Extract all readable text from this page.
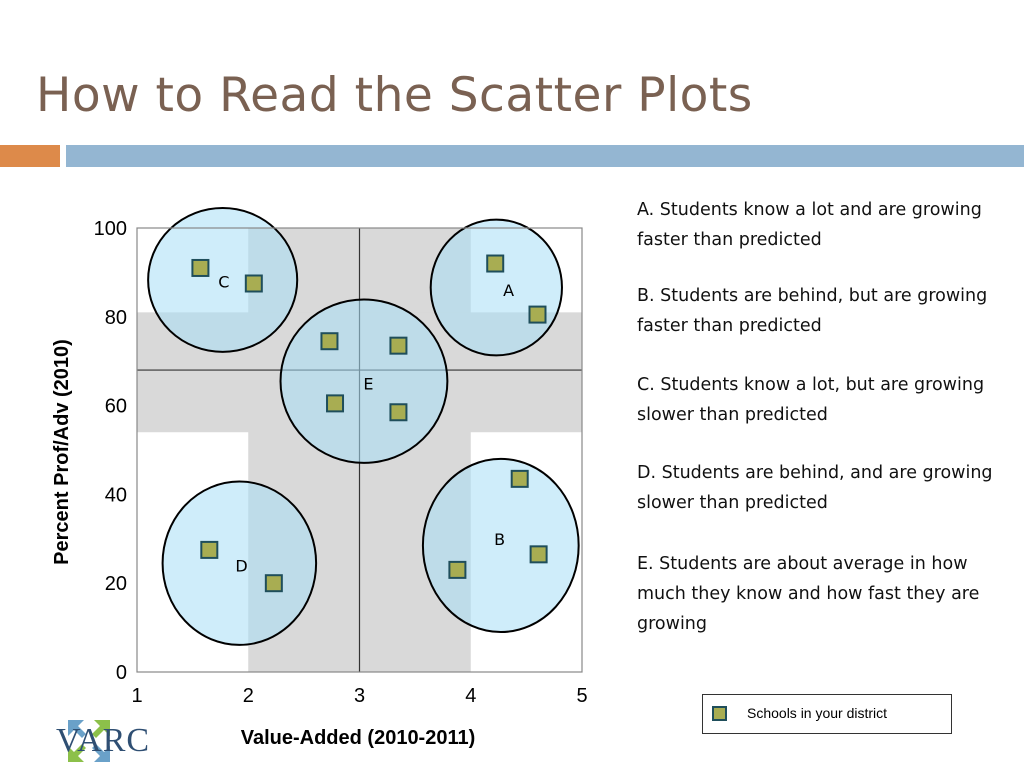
How to Read the Scatter Plots
C	A
E
D
B
1	2	3	4	5
0
20
40
60
80
100
Percent Prof/Adv (2010)
Value-Added (2010-2011)

A. Students know a lot and are growing faster than predicted

B. Students are behind, but are growing faster than predicted

C. Students know a lot, but are growing slower than predicted

D. Students are behind, and are growing slower than predicted

E. Students are about average in how much they know and how fast they are growing

Schools in your district
VARC
